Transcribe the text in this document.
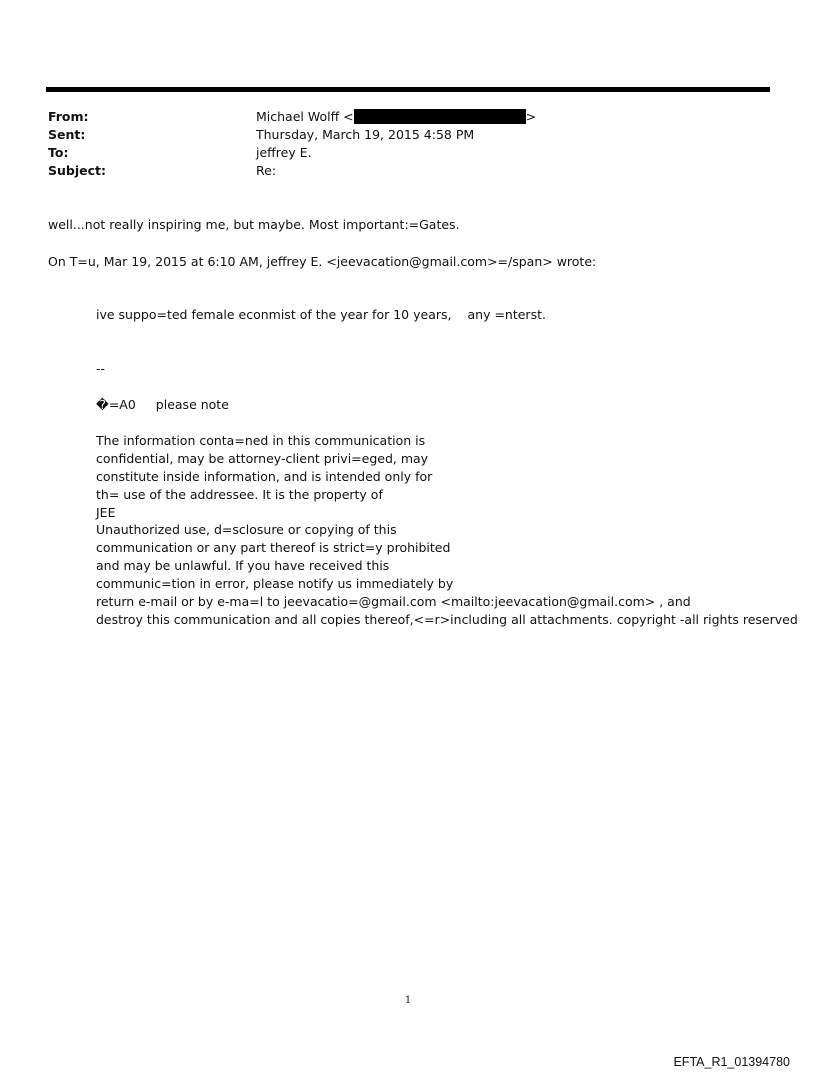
From:	Michael Wolff <	>
Sent:	Thursday, March 19, 2015 4:58 PM
To:	jeffrey E.
Subject:	Re:
well...not really inspiring me, but maybe. Most important:=Gates.
On T=u, Mar 19, 2015 at 6:10 AM, jeffrey E. <jeevacation@gmail.com>=/span> wrote:
ive suppo=ted female econmist of the year for 10 years, any =nterst.
--
�=A0 please note
The information conta=ned in this communication is
confidential, may be attorney-client privi=eged, may
constitute inside information, and is intended only for
th= use of the addressee. It is the property of
JEE
Unauthorized use, d=sclosure or copying of this
communication or any part thereof is strict=y prohibited
and may be unlawful. If you have received this
communic=tion in error, please notify us immediately by
return e-mail or by e-ma=l to jeevacatio=@gmail.com <mailto:jeevacation@gmail.com> , and
destroy this communication and all copies thereof,<=r>including all attachments. copyright -all rights reserved
1
EFTA_R1_01394780
